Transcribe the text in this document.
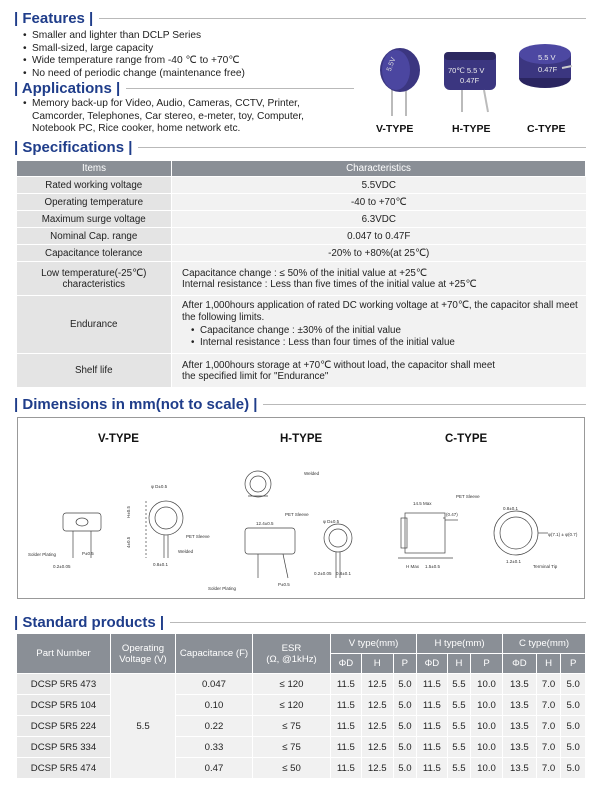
| Features |
• Smaller and lighter than DCLP Series
• Small-sized, large capacity
• Wide temperature range from -40 ℃ to +70℃
• No need of periodic change (maintenance free)
| Applications |
• Memory back-up for Video, Audio, Cameras, CCTV, Printer,
Camcorder, Telephones, Car stereo, e-meter, toy, Computer,
Notebook PC, Rice cooker, home network etc.
5.5V	70℃ 5.5 V
0.47F
5.5 V
0.47F
V-TYPE	H-TYPE	C-TYPE
| Specifications |
Items	Characteristics
Rated working voltage	5.5VDC
Operating temperature	-40 to +70℃
Maximum surge voltage	6.3VDC
Nominal Cap. range	0.047 to 0.47F
Capacitance tolerance	-20% to +80%(at 25℃)
Low temperature(-25℃)
characteristics	Capacitance change : ≤ 50% of the initial value at +25℃
Internal resistance : Less than five times of the initial value at +25℃
Endurance	After 1,000hours application of rated DC working voltage at +70℃, the capacitor shall meet
the following limits.
• Capacitance change : ±30% of the initial value
• Internal resistance : Less than four times of the initial value

Shelf life	After 1,000hours storage at +70℃ without load, the capacitor shall meet
the specified limit for "Endurance"
| Dimensions in mm(not to scale) |
V-TYPE	H-TYPE	C-TYPE
φ D±0.5
H±0.5
4±0.5
0.8±0.1
P±0.5
0.2±0.05
Solder Plating
Welded
PET Sleeve
Welded
PET Sleeve
12.4±0.5	φ D±0.5
P±0.5
0.2±0.05 0.8±0.1
Solder Plating
14.5 Max
PET Sleeve
(0.47)
0.8±0.1
φ(7.1) ± φ(0.7)
1.2±0.1
Terminal Tip
H Max 1.5±0.5
| Standard products |
Part Number	Operating Voltage (V)	Capacitance (F)	ESR
(Ω, @1kHz)	V type(mm)			H type(mm)			C type(mm)		
				ΦD	H	P	ΦD	H	P	ΦD	H	P
DCSP 5R5 473	5.5	0.047	≤ 120	11.5	12.5	5.0	11.5	5.5	10.0	13.5	7.0	5.0
DCSP 5R5 104		0.10	≤ 120	11.5	12.5	5.0	11.5	5.5	10.0	13.5	7.0	5.0
DCSP 5R5 224		0.22	≤ 75	11.5	12.5	5.0	11.5	5.5	10.0	13.5	7.0	5.0
DCSP 5R5 334		0.33	≤ 75	11.5	12.5	5.0	11.5	5.5	10.0	13.5	7.0	5.0
DCSP 5R5 474		0.47	≤ 50	11.5	12.5	5.0	11.5	5.5	10.0	13.5	7.0	5.0
